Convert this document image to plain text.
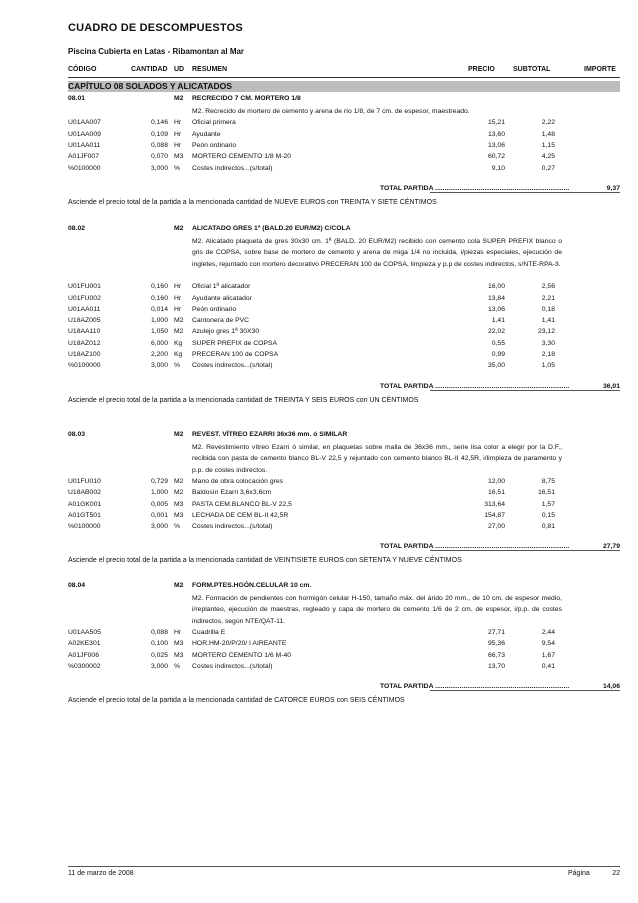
CUADRO DE DESCOMPUESTOS
Piscina Cubierta en Latas - Ribamontan al Mar
CÓDIGO	CANTIDAD UD RESUMEN	PRECIO	SUBTOTAL	IMPORTE
CAPÍTULO 08 SOLADOS Y ALICATADOS
08.01	M2 RECRECIDO 7 CM. MORTERO 1/8
M2. Recrecido de mortero de cemento y arena de río 1/8, de 7 cm. de espesor, maestreado.
U01AA007	0,146 Hr Oficial primera	15,21	2,22
U01AA009	0,109 Hr Ayudante	13,60	1,48
U01AA011	0,088 Hr Peón ordinario	13,06	1,15
A01JF007	0,070 M3 MORTERO CEMENTO 1/8 M-20	60,72	4,25
%0100000	3,000 % Costes indirectos...(s/total)	9,10	0,27
TOTAL PARTIDA .......................................................................	9,37
Asciende el precio total de la partida a la mencionada cantidad de NUEVE EUROS con TREINTA Y SIETE CÉNTIMOS
08.02	M2 ALICATADO GRES 1ª (BALD.20 EUR/M2) C/COLA
M2. Alicatado plaqueta de gres 30x30 cm. 1ª (BALD. 20 EUR/M2) recibido con cemento cola SUPER PREFIX blanco o gris de COPSA, sobre base de mortero de cemento y arena de miga 1/4 no incluida, i/piezas especiales, ejecución de ingletes, rejuntado con mortero decorativo PRECERAN 100 de COPSA, limpieza y p.p de costes indirectos, s/NTE-RPA-3.
U01FU001	0,160 Hr Oficial 1ª alicatador	16,00	2,56
U01FU002	0,160 Hr Ayudante alicatador	13,84	2,21
U01AA011	0,014 Hr Peón ordinario	13,06	0,18
U18AZ005	1,000 M2 Cantonera de PVC	1,41	1,41
U18AA110	1,050 M2 Azulejo gres 1ª 30X30	22,02	23,12
U18AZ012	6,000 Kg SUPER PREFIX de COPSA	0,55	3,30
U18AZ100	2,200 Kg PRECERAN 100 de COPSA	0,99	2,18
%0100000	3,000 % Costes indirectos...(s/total)	35,00	1,05
TOTAL PARTIDA .......................................................................	36,01
Asciende el precio total de la partida a la mencionada cantidad de TREINTA Y SEIS EUROS con UN CÉNTIMOS
08.03	M2 REVEST. VÍTREO EZARRI 36x36 mm. ó SIMILAR
M2. Revestimiento vítreo Ezarri ó similar, en plaquetas sobre malla de 36x36 mm., serie lisa color a elegir por la D.F., recibida con pasta de cemento blanco BL-V 22,5 y rejuntado con cemento blanco BL-II 42,5R, i/limpieza de paramento y p.p. de costes indirectos.
U01FU010	0,729 M2 Mano de obra colocación gres	12,00	8,75
U18AB002	1,000 M2 Baldosín Ezarri 3,6x3,6cm	16,51	16,51
A01GK001	0,005 M3 PASTA CEM.BLANCO BL-V 22,5	313,64	1,57
A01GT501	0,001 M3 LECHADA DE CEM BL-II 42,5R	154,87	0,15
%0100000	3,000 % Costes indirectos...(s/total)	27,00	0,81
TOTAL PARTIDA .......................................................................	27,79
Asciende el precio total de la partida a la mencionada cantidad de VEINTISIETE EUROS con SETENTA Y NUEVE CÉNTIMOS
08.04	M2 FORM.PTES.HGÓN.CELULAR 10 cm.
M2. Formación de pendientes con hormigón celular H-150, tamaño máx. del árido 20 mm., de 10 cm. de espesor medio, i/replanteo, ejecución de maestras, regleado y capa de mortero de cemento 1/6 de 2 cm. de espesor, i/p.p. de costes indirectos, según NTE/QAT-11.
U01AA505	0,088 Hr Cuadrilla E	27,71	2,44
A02KE301	0,100 M3 HOR.HM-20/P/20/ I AIREANTE	95,36	9,54
A01JF006	0,025 M3 MORTERO CEMENTO 1/6 M-40	66,73	1,67
%0300002	3,000 % Costes indirectos...(s/total)	13,70	0,41
TOTAL PARTIDA .......................................................................	14,06
Asciende el precio total de la partida a la mencionada cantidad de CATORCE EUROS con SEIS CÉNTIMOS
11 de marzo de 2008	Página	22
